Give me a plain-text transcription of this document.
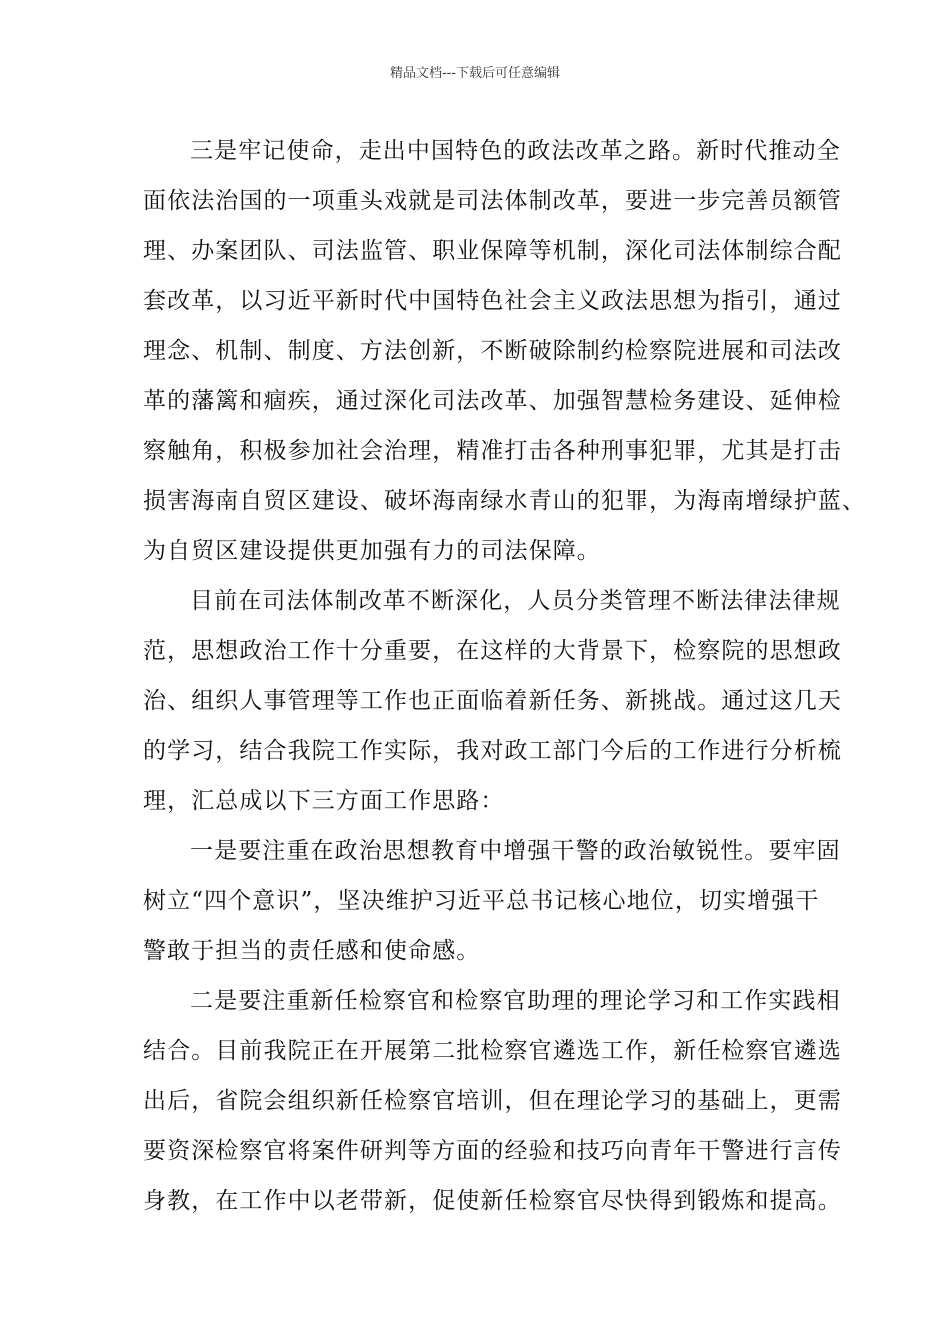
精品文档---下载后可任意编辑
三是牢记使命，走出中国特色的政法改革之路。新时代推动全
面依法治国的一项重头戏就是司法体制改革，要进一步完善员额管
理、办案团队、司法监管、职业保障等机制，深化司法体制综合配
套改革，以习近平新时代中国特色社会主义政法思想为指引，通过
理念、机制、制度、方法创新，不断破除制约检察院进展和司法改
革的藩篱和痼疾，通过深化司法改革、加强智慧检务建设、延伸检
察触角，积极参加社会治理，精准打击各种刑事犯罪，尤其是打击
损害海南自贸区建设、破坏海南绿水青山的犯罪，为海南增绿护蓝、
为自贸区建设提供更加强有力的司法保障。
目前在司法体制改革不断深化，人员分类管理不断法律法律规
范，思想政治工作十分重要，在这样的大背景下，检察院的思想政
治、组织人事管理等工作也正面临着新任务、新挑战。通过这几天
的学习，结合我院工作实际，我对政工部门今后的工作进行分析梳
理，汇总成以下三方面工作思路：
一是要注重在政治思想教育中增强干警的政治敏锐性。要牢固
树立“四个意识”，坚决维护习近平总书记核心地位，切实增强干
警敢于担当的责任感和使命感。
二是要注重新任检察官和检察官助理的理论学习和工作实践相
结合。目前我院正在开展第二批检察官遴选工作，新任检察官遴选
出后，省院会组织新任检察官培训，但在理论学习的基础上，更需
要资深检察官将案件研判等方面的经验和技巧向青年干警进行言传
身教，在工作中以老带新，促使新任检察官尽快得到锻炼和提高。
